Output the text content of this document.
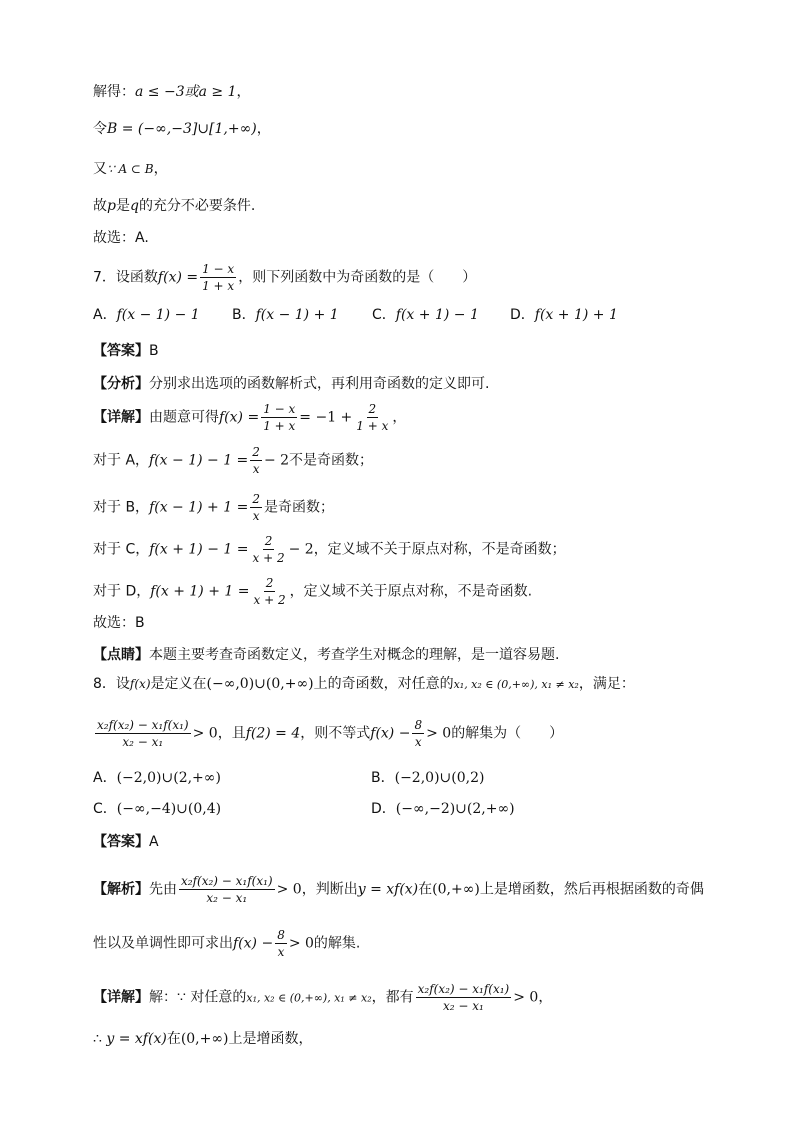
解得：a ≤ −3或a ≥ 1，
令B = (−∞,−3]∪[1,+∞)，
又∵ A ⊂ B，
故p是q的充分不必要条件.
故选：A.
7．设函数$f(x) = \frac{1 - x}{1 + x}$ ，则下列函数中为奇函数的是（　　）
A．f(x − 1) − 1 B．f(x − 1) + 1 C．f(x + 1) − 1 D．f(x + 1) + 1
【答案】B
【分析】分别求出选项的函数解析式，再利用奇函数的定义即可.
【详解】由题意可得$f(x) = \frac{1 - x}{1 + x} = -1 + \frac{2}{1 + x}$ ，
对于 A，$f(x - 1) - 1 = \frac{2}{x} - 2$不是奇函数；
对于 B，$f(x - 1) + 1 = \frac{2}{x}$ 是奇函数；
对于 C，$f(x + 1) - 1 = \frac{2}{x + 2} - 2$，定义域不关于原点对称，不是奇函数；
对于 D，$f(x + 1) + 1 = \frac{2}{x + 2}$ ，定义域不关于原点对称，不是奇函数.
故选：B
【点睛】本题主要考查奇函数定义，考查学生对概念的理解，是一道容易题.
8．设f(x)是定义在(−∞,0)∪(0,+∞)上的奇函数，对任意的x₁, x₂ ∈ (0,+∞), x₁ ≠ x₂，满足：
$\frac{\text{x₂f(x₂) − x₁f(x₁)}}{\text{x₂ − x₁}} > 0$，且f(2) = 4，则不等式$f(x) - \frac{8}{x} > 0$的解集为（　　）
A．(−2,0)∪(2,+∞)	B．(−2,0)∪(0,2)
C．(−∞,−4)∪(0,4)	D．(−∞,−2)∪(2,+∞)
【答案】A
【解析】先由 $\frac{\text{x₂f(x₂) − x₁f(x₁)}}{\text{x₂ − x₁}} > 0$，判断出y = xf(x)在(0,+∞)上是增函数，然后再根据函数的奇偶
性以及单调性即可求出$f(x) - \frac{8}{x} > 0$的解集.
【详解】解：∵ 对任意的x₁, x₂ ∈ (0,+∞), x₁ ≠ x₂，都有 $\frac{\text{x₂f(x₂) − x₁f(x₁)}}{\text{x₂ − x₁}} > 0$，
∴ y = xf(x)在(0,+∞)上是增函数，
